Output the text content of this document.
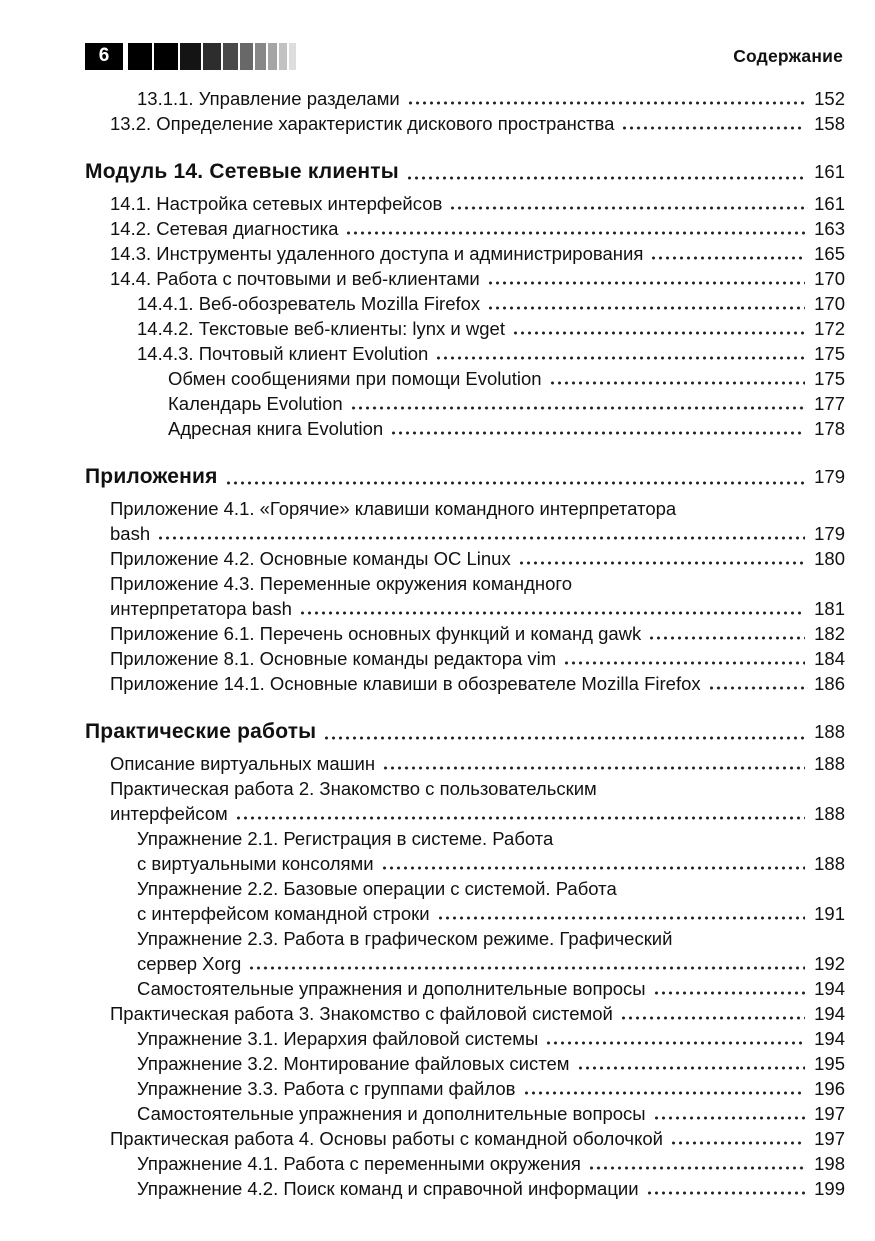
6	Содержание
13.1.1. Управление разделами	152
13.2. Определение характеристик дискового пространства	158
Модуль 14. Сетевые клиенты	161
14.1. Настройка сетевых интерфейсов	161
14.2. Сетевая диагностика	163
14.3. Инструменты удаленного доступа и администрирования	165
14.4. Работа с почтовыми и веб-клиентами	170
14.4.1. Веб-обозреватель Mozilla Firefox	170
14.4.2. Текстовые веб-клиенты: lynx и wget	172
14.4.3. Почтовый клиент Evolution	175
Обмен сообщениями при помощи Evolution	175
Календарь Evolution	177
Адресная книга Evolution	178
Приложения	179
Приложение 4.1. «Горячие» клавиши командного интерпретатора
bash	179
Приложение 4.2. Основные команды ОС Linux	180
Приложение 4.3. Переменные окружения командного
интерпретатора bash	181
Приложение 6.1. Перечень основных функций и команд gawk	182
Приложение 8.1. Основные команды редактора vim	184
Приложение 14.1. Основные клавиши в обозревателе Mozilla Firefox	186
Практические работы	188
Описание виртуальных машин	188
Практическая работа 2. Знакомство с пользовательским
интерфейсом	188
Упражнение 2.1. Регистрация в системе. Работа
с виртуальными консолями	188
Упражнение 2.2. Базовые операции с системой. Работа
с интерфейсом командной строки	191
Упражнение 2.3. Работа в графическом режиме. Графический
сервер Xorg	192
Самостоятельные упражнения и дополнительные вопросы	194
Практическая работа 3. Знакомство с файловой системой	194
Упражнение 3.1. Иерархия файловой системы	194
Упражнение 3.2. Монтирование файловых систем	195
Упражнение 3.3. Работа с группами файлов	196
Самостоятельные упражнения и дополнительные вопросы	197
Практическая работа 4. Основы работы с командной оболочкой	197
Упражнение 4.1. Работа с переменными окружения	198
Упражнение 4.2. Поиск команд и справочной информации	199
